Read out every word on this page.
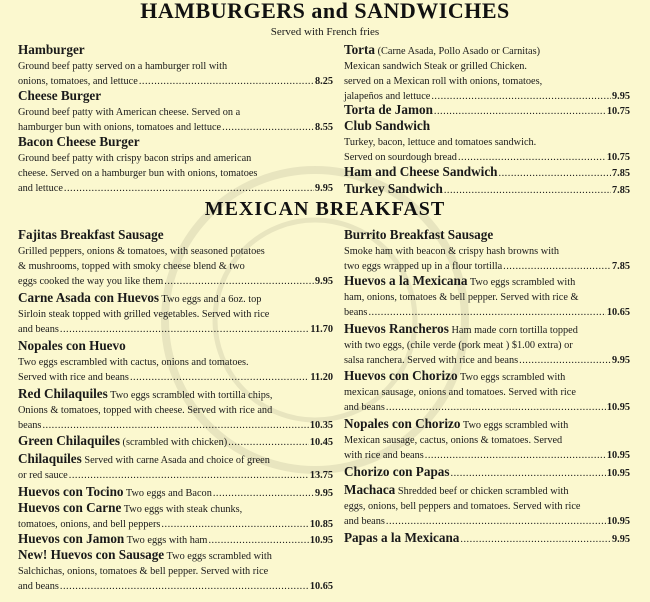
HAMBURGERS and SANDWICHES
Served with French fries
MEXICAN BREAKFAST
Hamburger
Ground beef patty served on a hamburger roll with
onions, tomatoes, and lettuce .....	8.25
Cheese Burger
Ground beef patty with American cheese. Served on a
hamburger bun with onions, tomatoes and lettuce .....	8.55
Bacon Cheese Burger
Ground beef patty with crispy bacon strips and american
cheese. Served on a hamburger bun with onions, tomatoes
and lettuce .....	9.95
Torta (Carne Asada, Pollo Asado or Carnitas)
Mexican sandwich Steak or grilled Chicken.
served on a Mexican roll with onions, tomatoes,
jalapeños and lettuce .....	9.95
Torta de Jamon .....	10.75
Club Sandwich
Turkey, bacon, lettuce and tomatoes sandwich.
Served on sourdough bread .....	10.75
Ham and Cheese Sandwich .....	7.85
Turkey Sandwich .....	7.85
Fajitas Breakfast Sausage
Grilled peppers, onions & tomatoes, with seasoned potatoes
& mushrooms, topped with smoky cheese blend & two
eggs cooked the way you like them .....	9.95
Carne Asada con Huevos Two eggs and a 6oz. top
Sirloin steak topped with grilled vegetables. Served with rice
and beans .....	11.70
Nopales con Huevo
Two eggs escrambled with cactus, onions and tomatoes.
Served with rice and beans .....	11.20
Red Chilaquiles Two eggs scrambled with tortilla chips,
Onions & tomatoes, topped with cheese. Served with rice and
beans .....	10.35
Green Chilaquiles (scrambled with chicken) .....	10.45
Chilaquiles Served with carne Asada and choice of green
or red sauce .....	13.75
Huevos con Tocino Two eggs and Bacon .....	9.95
Huevos con Carne Two eggs with steak chunks,
tomatoes, onions, and bell peppers .....	10.85
Huevos con Jamon Two eggs with ham .....	10.95
New! Huevos con Sausage Two eggs scrambled with
Salchichas, onions, tomatoes & bell pepper. Served with rice
and beans .....	10.65
Burrito Breakfast Sausage
Smoke ham with beacon & crispy hash browns with
two eggs wrapped up in a flour tortilla .....	7.85
Huevos a la Mexicana Two eggs scrambled with
ham, onions, tomatoes & bell pepper. Served with rice &
beans .....	10.65
Huevos Rancheros Ham made corn tortilla topped
with two eggs, (chile verde (pork meat ) $1.00 extra) or
salsa ranchera. Served with rice and beans .....	9.95
Huevos con Chorizo Two eggs scrambled with
mexican sausage, onions and tomatoes. Served with rice
and beans .....	10.95
Nopales con Chorizo Two eggs scrambled with
Mexican sausage, cactus, onions & tomatoes. Served
with rice and beans .....	10.95
Chorizo con Papas .....	10.95
Machaca Shredded beef or chicken scrambled with
eggs, onions, bell peppers and tomatoes. Served with rice
and beans .....	10.95
Papas a la Mexicana .....	9.95
